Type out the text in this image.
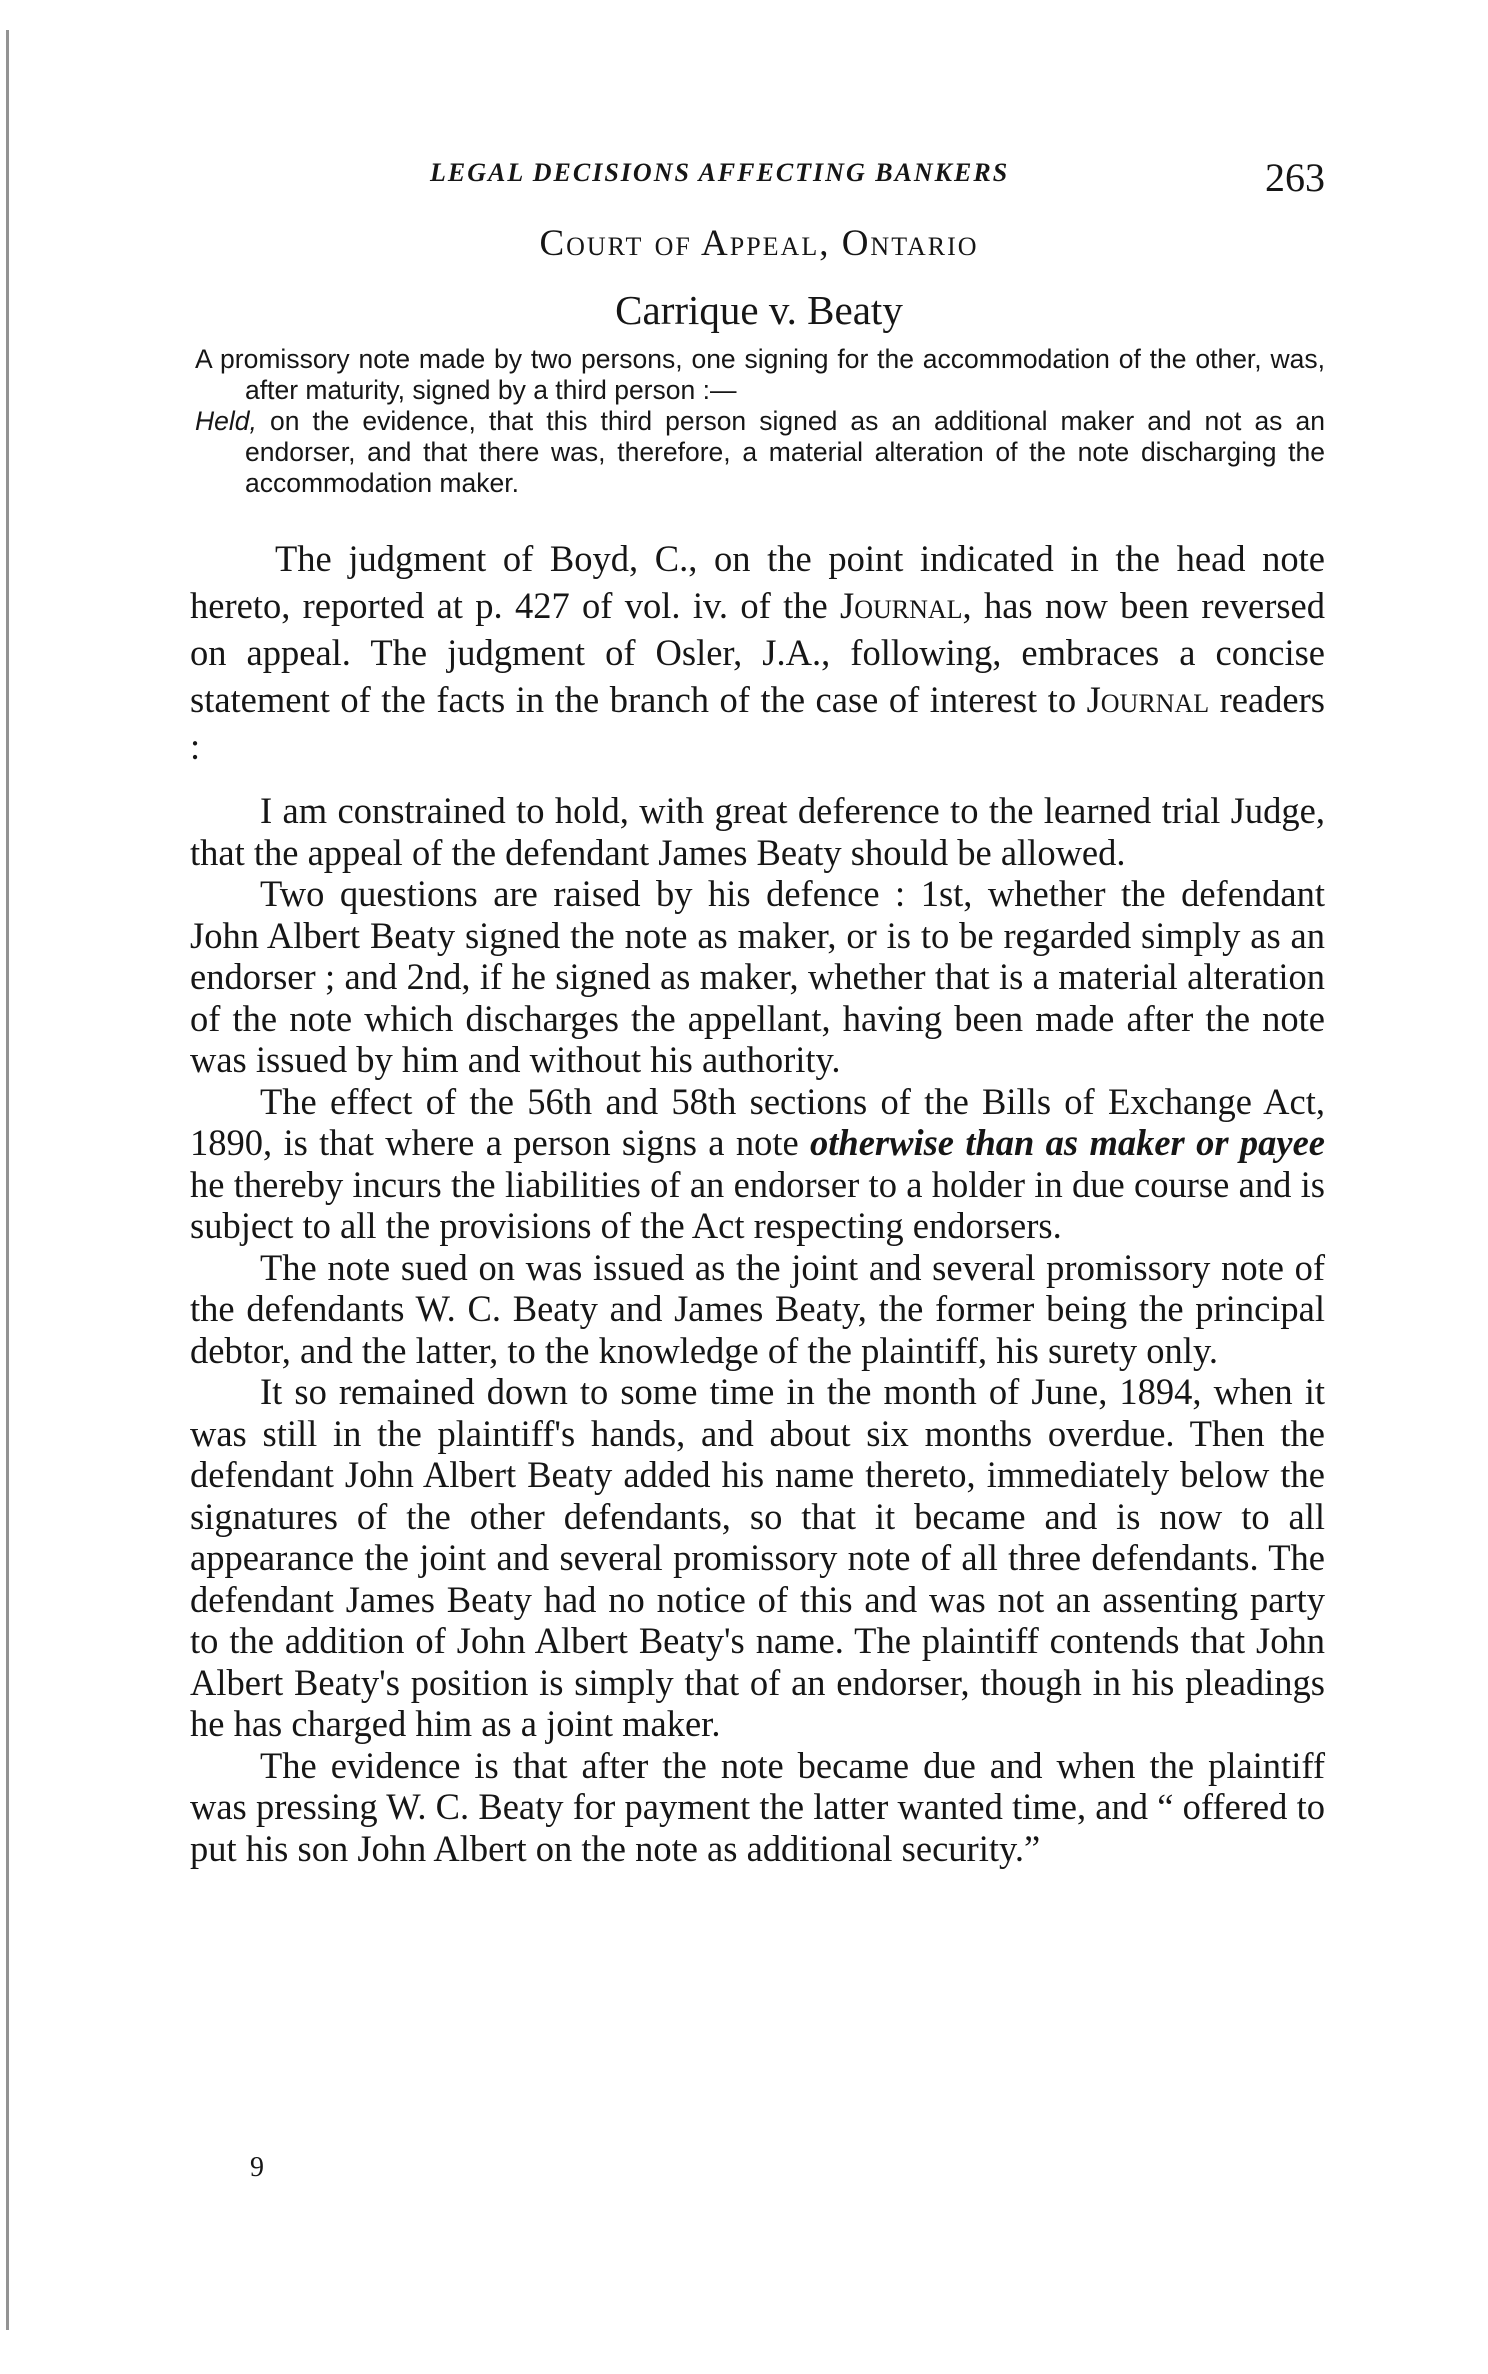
LEGAL DECISIONS AFFECTING BANKERS	263
Court of Appeal, Ontario
Carrique v. Beaty

A promissory note made by two persons, one signing for the accommodation of the other, was, after maturity, signed by a third person :—

Held, on the evidence, that this third person signed as an additional maker and not as an endorser, and that there was, therefore, a material alteration of the note discharging the accommodation maker.

The judgment of Boyd, C., on the point indicated in the head note hereto, reported at p. 427 of vol. iv. of the Journal, has now been reversed on appeal. The judgment of Osler, J.A., following, embraces a concise statement of the facts in the branch of the case of interest to Journal readers :

I am constrained to hold, with great deference to the learned trial Judge, that the appeal of the defendant James Beaty should be allowed.

Two questions are raised by his defence : 1st, whether the defendant John Albert Beaty signed the note as maker, or is to be regarded simply as an endorser ; and 2nd, if he signed as maker, whether that is a material alteration of the note which discharges the appellant, having been made after the note was issued by him and without his authority.

The effect of the 56th and 58th sections of the Bills of Exchange Act, 1890, is that where a person signs a note otherwise than as maker or payee he thereby incurs the liabilities of an endorser to a holder in due course and is subject to all the provisions of the Act respecting endorsers.

The note sued on was issued as the joint and several promissory note of the defendants W. C. Beaty and James Beaty, the former being the principal debtor, and the latter, to the knowledge of the plaintiff, his surety only.

It so remained down to some time in the month of June, 1894, when it was still in the plaintiff's hands, and about six months overdue. Then the defendant John Albert Beaty added his name thereto, immediately below the signatures of the other defendants, so that it became and is now to all appearance the joint and several promissory note of all three defendants. The defendant James Beaty had no notice of this and was not an assenting party to the addition of John Albert Beaty's name. The plaintiff contends that John Albert Beaty's position is simply that of an endorser, though in his pleadings he has charged him as a joint maker.

The evidence is that after the note became due and when the plaintiff was pressing W. C. Beaty for payment the latter wanted time, and “ offered to put his son John Albert on the note as additional security.”

9
